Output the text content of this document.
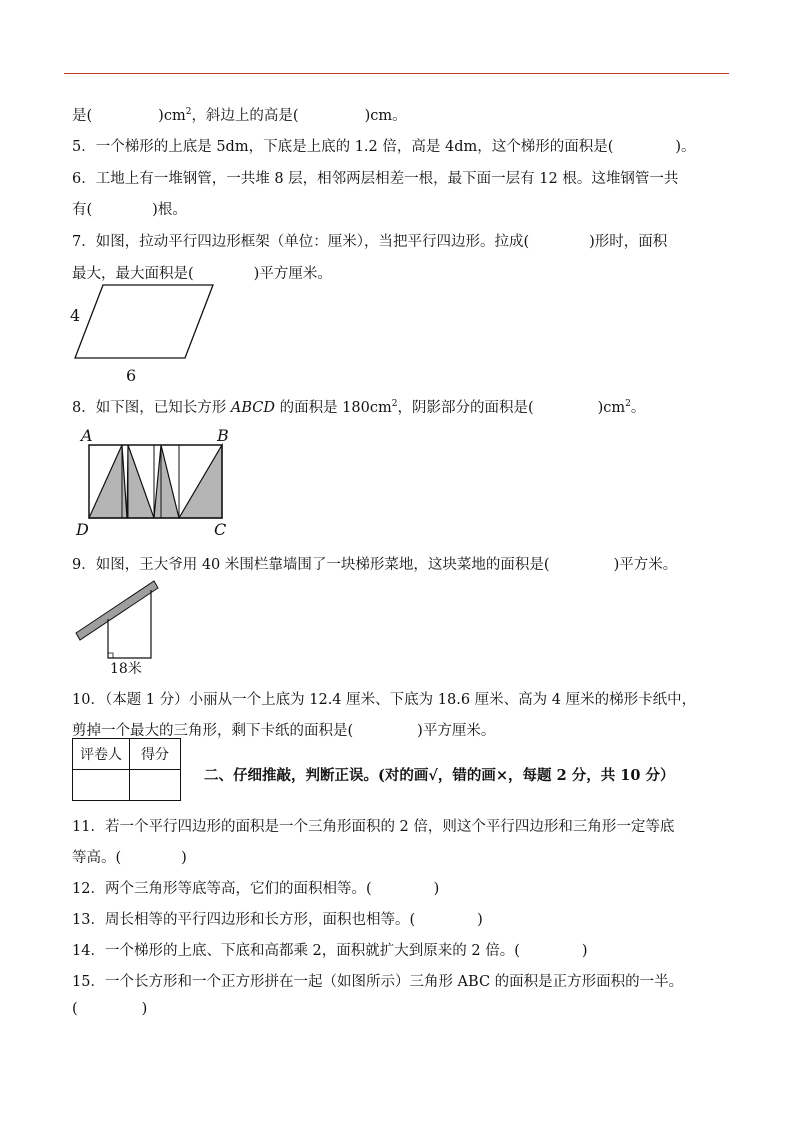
是(	)$cm^2$，斜边上的高是(	)cm。
5．一个梯形的上底是 5dm，下底是上底的 1.2 倍，高是 4dm，这个梯形的面积是(	)。
6．工地上有一堆钢管，一共堆 8 层，相邻两层相差一根，最下面一层有 12 根。这堆钢管一共
有(	)根。
7．如图，拉动平行四边形框架（单位：厘米），当把平行四边形。拉成(	)形时，面积
最大，最大面积是(	)平方厘米。
4
6
8．如下图，已知长方形 ABCD 的面积是 $180cm^2$，阴影部分的面积是(	)$cm^2$。
A	B
D	C
9．如图，王大爷用 40 米围栏靠墙围了一块梯形菜地，这块菜地的面积是(	)平方米。
18米
10．（本题 1 分）小丽从一个上底为 12.4 厘米、下底为 18.6 厘米、高为 4 厘米的梯形卡纸中，
剪掉一个最大的三角形，剩下卡纸的面积是(	)平方厘米。
评卷人	得分

二、仔细推敲，判断正误。(对的画√，错的画×，每题 2 分，共 10 分）
11．若一个平行四边形的面积是一个三角形面积的 2 倍，则这个平行四边形和三角形一定等底
等高。(	)
12．两个三角形等底等高，它们的面积相等。(	)
13．周长相等的平行四边形和长方形，面积也相等。(	)
14．一个梯形的上底、下底和高都乘 2，面积就扩大到原来的 2 倍。(	)
15．一个长方形和一个正方形拼在一起（如图所示）三角形 ABC 的面积是正方形面积的一半。
(	)
